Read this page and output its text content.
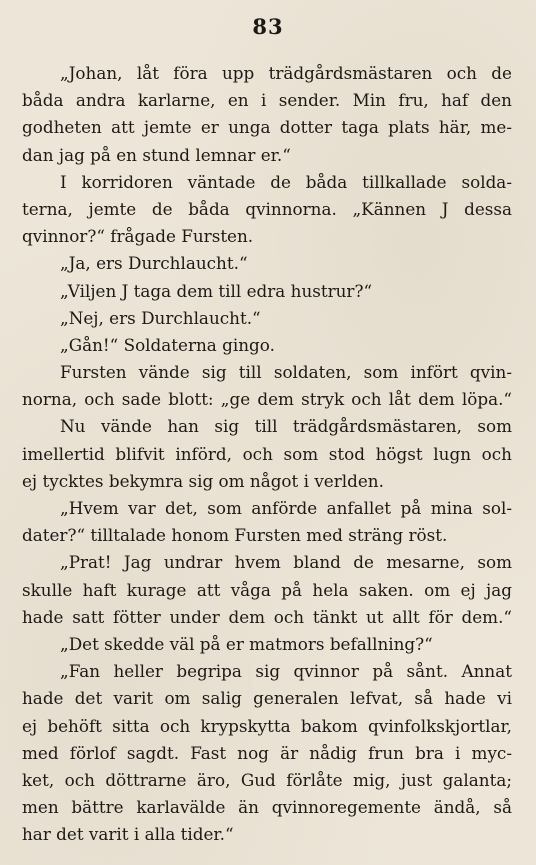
83
„Johan, låt föra upp trädgårdsmästaren och de
båda andra karlarne, en i sender. Min fru, haf den
godheten att jemte er unga dotter taga plats här, me-
dan jag på en stund lemnar er.“
I korridoren väntade de båda tillkallade solda-
terna, jemte de båda qvinnorna. „Kännen J dessa
qvinnor?“ frågade Fursten.
„Ja, ers Durchlaucht.“
„Viljen J taga dem till edra hustrur?“
„Nej, ers Durchlaucht.“
„Gån!“ Soldaterna gingo.
Fursten vände sig till soldaten, som infört qvin-
norna, och sade blott: „ge dem stryk och låt dem löpa.“
Nu vände han sig till trädgårdsmästaren, som
imellertid blifvit införd, och som stod högst lugn och
ej tycktes bekymra sig om något i verlden.
„Hvem var det, som anförde anfallet på mina sol-
dater?“ tilltalade honom Fursten med sträng röst.
„Prat! Jag undrar hvem bland de mesarne, som
skulle haft kurage att våga på hela saken. om ej jag
hade satt fötter under dem och tänkt ut allt för dem.“
„Det skedde väl på er matmors befallning?“
„Fan heller begripa sig qvinnor på sånt. Annat
hade det varit om salig generalen lefvat, så hade vi
ej behöft sitta och krypskytta bakom qvinfolkskjortlar,
med förlof sagdt. Fast nog är nådig frun bra i myc-
ket, och döttrarne äro, Gud förlåte mig, just galanta;
men bättre karlavälde än qvinnoregemente ändå, så
har det varit i alla tider.“
